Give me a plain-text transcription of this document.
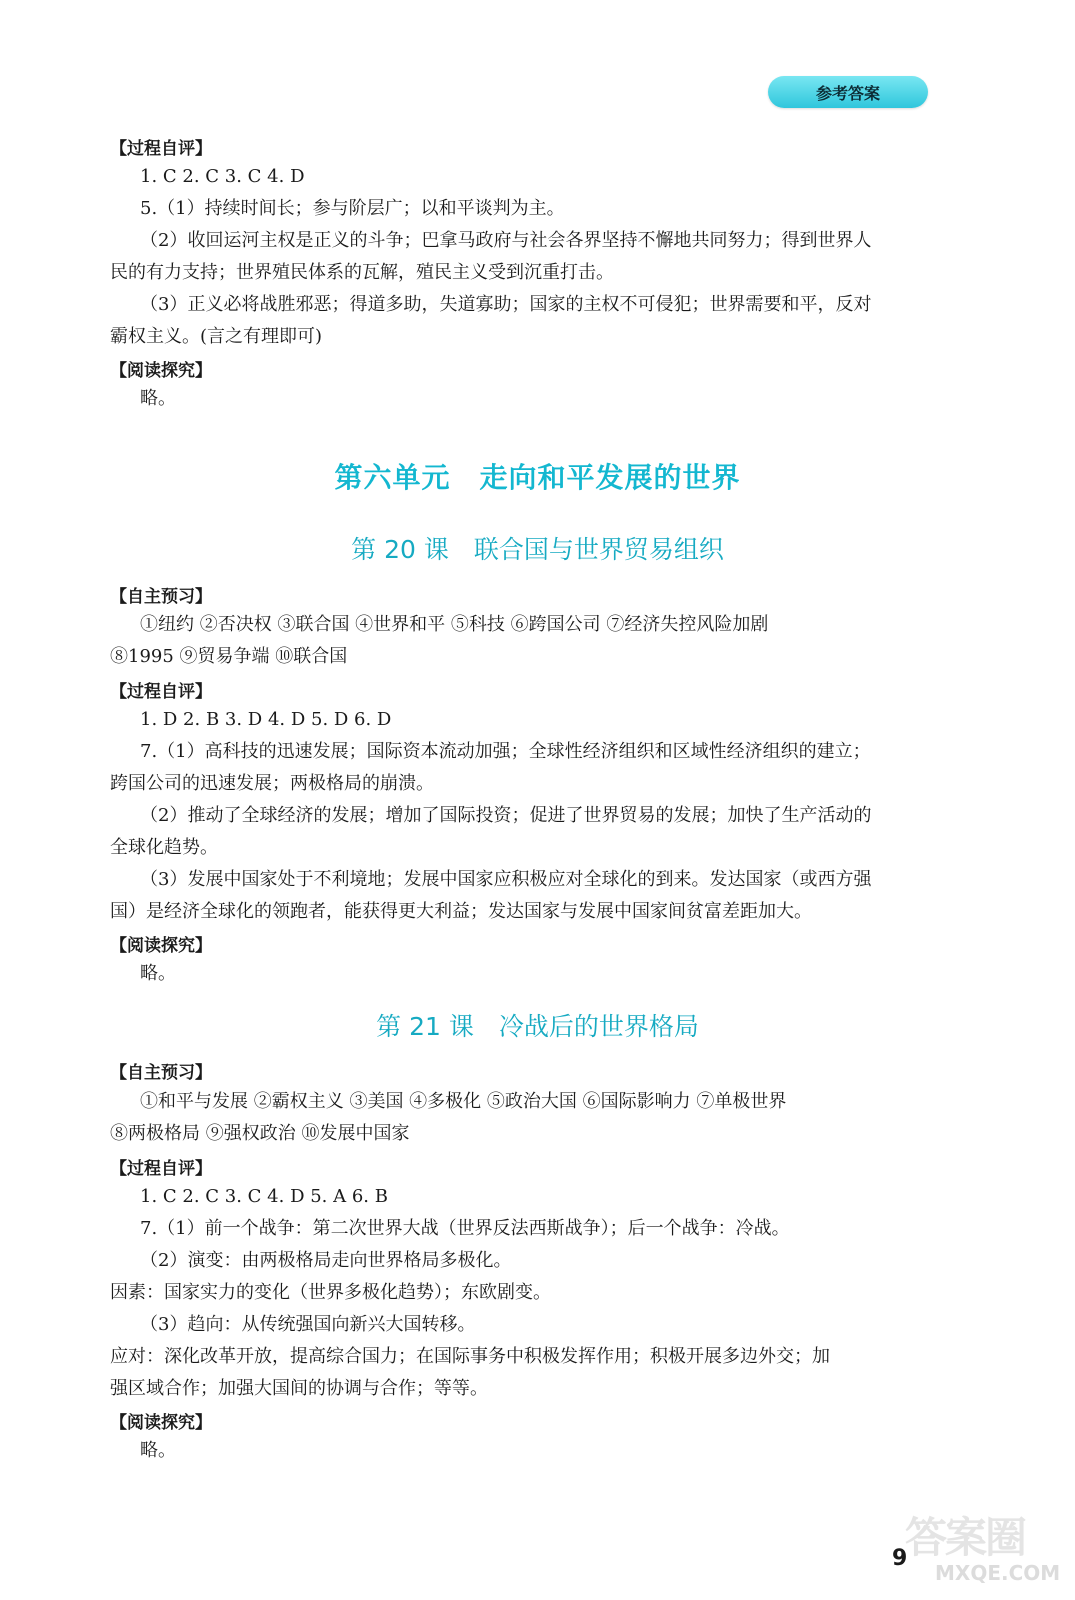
参考答案
【过程自评】
1. C 2. C 3. C 4. D
5.（1）持续时间长；参与阶层广；以和平谈判为主。
（2）收回运河主权是正义的斗争；巴拿马政府与社会各界坚持不懈地共同努力；得到世界人
民的有力支持；世界殖民体系的瓦解，殖民主义受到沉重打击。
（3）正义必将战胜邪恶；得道多助，失道寡助；国家的主权不可侵犯；世界需要和平，反对
霸权主义。(言之有理即可)
【阅读探究】
略。
第六单元　走向和平发展的世界
第 20 课　联合国与世界贸易组织
【自主预习】
①纽约 ②否决权 ③联合国 ④世界和平 ⑤科技 ⑥跨国公司 ⑦经济失控风险加剧
⑧1995 ⑨贸易争端 ⑩联合国
【过程自评】
1. D 2. B 3. D 4. D 5. D 6. D
7.（1）高科技的迅速发展；国际资本流动加强；全球性经济组织和区域性经济组织的建立；
跨国公司的迅速发展；两极格局的崩溃。
（2）推动了全球经济的发展；增加了国际投资；促进了世界贸易的发展；加快了生产活动的
全球化趋势。
（3）发展中国家处于不利境地；发展中国家应积极应对全球化的到来。发达国家（或西方强
国）是经济全球化的领跑者，能获得更大利益；发达国家与发展中国家间贫富差距加大。
【阅读探究】
略。
第 21 课　冷战后的世界格局
【自主预习】
①和平与发展 ②霸权主义 ③美国 ④多极化 ⑤政治大国 ⑥国际影响力 ⑦单极世界
⑧两极格局 ⑨强权政治 ⑩发展中国家
【过程自评】
1. C 2. C 3. C 4. D 5. A 6. B
7.（1）前一个战争：第二次世界大战（世界反法西斯战争）；后一个战争：冷战。
（2）演变：由两极格局走向世界格局多极化。
因素：国家实力的变化（世界多极化趋势）；东欧剧变。
（3）趋向：从传统强国向新兴大国转移。
应对：深化改革开放，提高综合国力；在国际事务中积极发挥作用；积极开展多边外交；加
强区域合作；加强大国间的协调与合作；等等。
【阅读探究】
略。
9
答案圈
MXQE.COM
